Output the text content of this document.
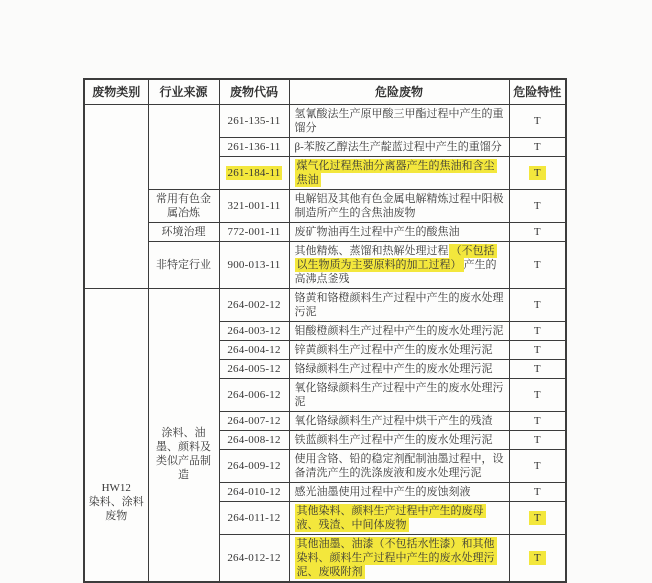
废物类别	行业来源	废物代码	危险废物	危险特性
		261-135-11	氢氰酸法生产原甲酸三甲酯过程中产生的重馏分	T
		261-136-11	β-苯胺乙醇法生产靛蓝过程中产生的重馏分	T
		261-184-11	煤气化过程焦油分离器产生的焦油和含尘焦油	T
	常用有色金属冶炼	321-001-11	电解铝及其他有色金属电解精炼过程中阳极制造所产生的含焦油废物	T
	环境治理	772-001-11	废矿物油再生过程中产生的酸焦油	T
	非特定行业	900-013-11	其他精炼、蒸馏和热解处理过程 （不包括以生物质为主要原料的加工过程） 产生的高沸点釜残	T

HW12
染料、涂料废物	涂料、油墨、颜料及类似产品制造	264-002-12	铬黄和铬橙颜料生产过程中产生的废水处理污泥	T
		264-003-12	钼酸橙颜料生产过程中产生的废水处理污泥	T
		264-004-12	锌黄颜料生产过程中产生的废水处理污泥	T
		264-005-12	铬绿颜料生产过程中产生的废水处理污泥	T
		264-006-12	氧化铬绿颜料生产过程中产生的废水处理污泥	T
		264-007-12	氧化铬绿颜料生产过程中烘干产生的残渣	T
		264-008-12	铁蓝颜料生产过程中产生的废水处理污泥	T
		264-009-12	使用含铬、铅的稳定剂配制油墨过程中，设备清洗产生的洗涤废液和废水处理污泥	T
		264-010-12	感光油墨使用过程中产生的废蚀刻液	T
		264-011-12	其他染料、颜料生产过程中产生的废母液、残渣、中间体废物	T
		264-012-12	其他油墨、油漆（不包括水性漆）和其他染料、颜料生产过程中产生的废水处理污泥、废吸附剂	T
